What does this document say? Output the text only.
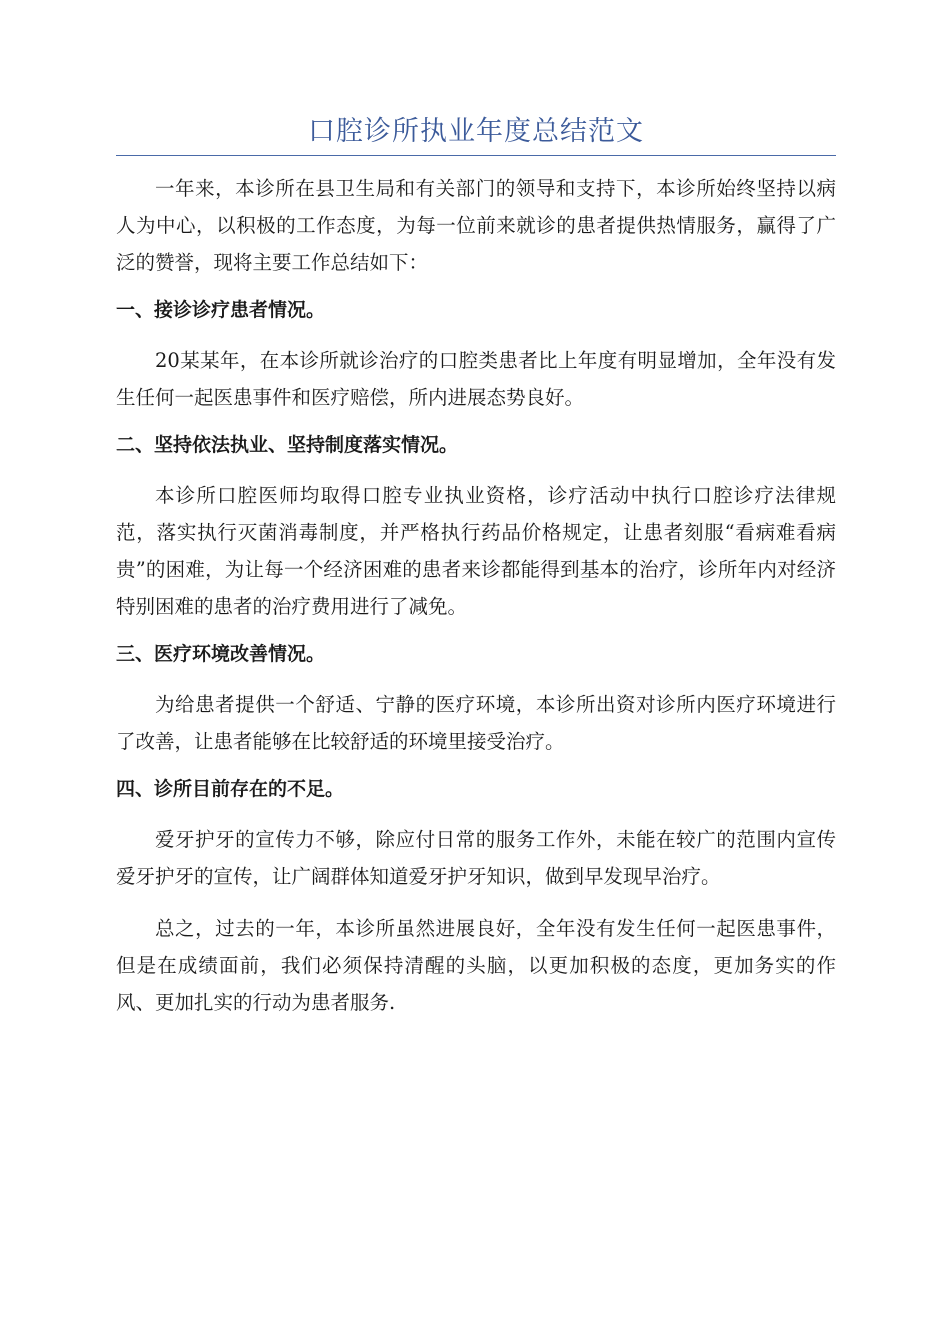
口腔诊所执业年度总结范文

一年来，本诊所在县卫生局和有关部门的领导和支持下，本诊所始终坚持以病人为中心，以积极的工作态度，为每一位前来就诊的患者提供热情服务，赢得了广泛的赞誉，现将主要工作总结如下：

一、接诊诊疗患者情况。

20某某年，在本诊所就诊治疗的口腔类患者比上年度有明显增加，全年没有发生任何一起医患事件和医疗赔偿，所内进展态势良好。

二、坚持依法执业、坚持制度落实情况。

本诊所口腔医师均取得口腔专业执业资格，诊疗活动中执行口腔诊疗法律规范，落实执行灭菌消毒制度，并严格执行药品价格规定，让患者刻服“看病难看病贵”的困难，为让每一个经济困难的患者来诊都能得到基本的治疗，诊所年内对经济特别困难的患者的治疗费用进行了减免。

三、医疗环境改善情况。

为给患者提供一个舒适、宁静的医疗环境，本诊所出资对诊所内医疗环境进行了改善，让患者能够在比较舒适的环境里接受治疗。

四、诊所目前存在的不足。

爱牙护牙的宣传力不够，除应付日常的服务工作外，未能在较广的范围内宣传爱牙护牙的宣传，让广阔群体知道爱牙护牙知识，做到早发现早治疗。

总之，过去的一年，本诊所虽然进展良好，全年没有发生任何一起医患事件，但是在成绩面前，我们必须保持清醒的头脑，以更加积极的态度，更加务实的作风、更加扎实的行动为患者服务.
